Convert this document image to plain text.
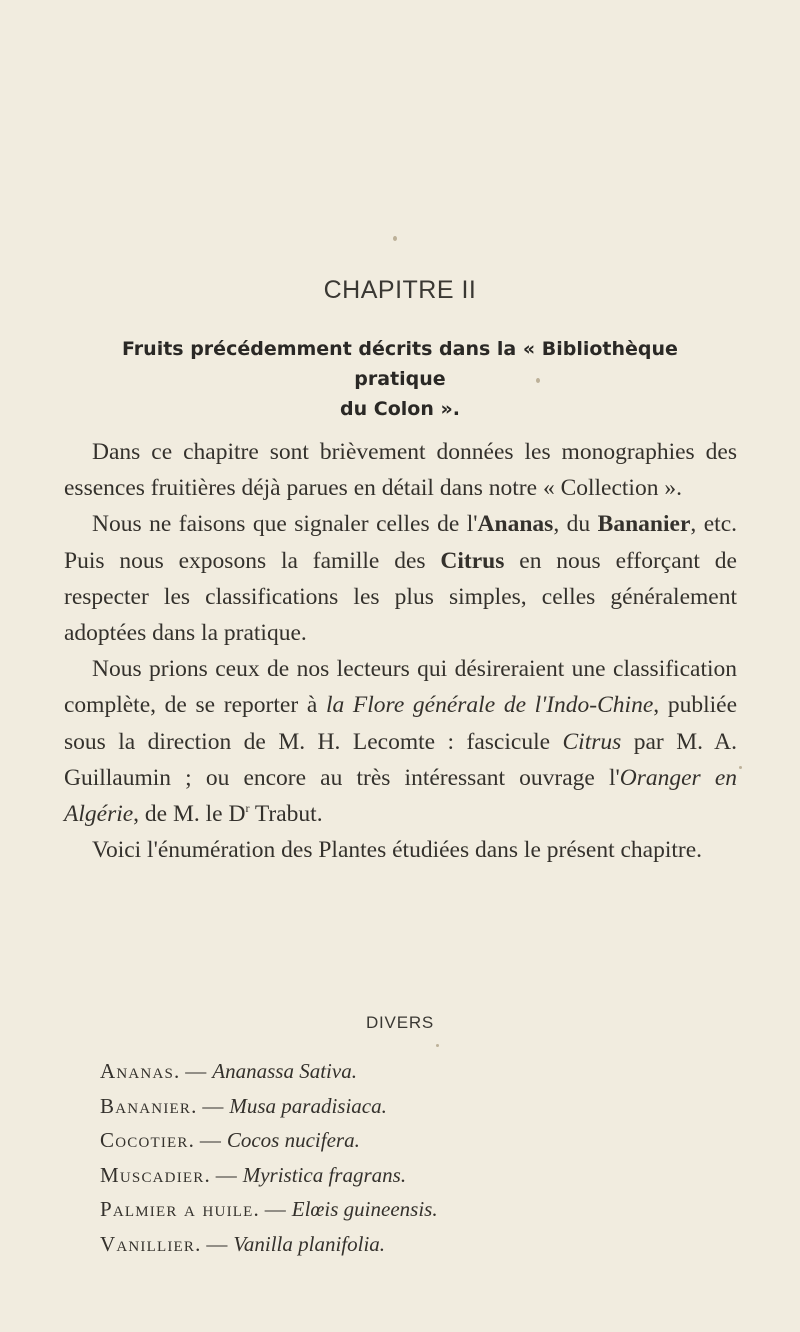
CHAPITRE II
Fruits précédemment décrits dans la « Bibliothèque pratique
du Colon ».

Dans ce chapitre sont brièvement données les monographies des essences fruitières déjà parues en détail dans notre « Collection ».

Nous ne faisons que signaler celles de l'Ananas, du Bananier, etc. Puis nous exposons la famille des Citrus en nous efforçant de respecter les classifications les plus simples, celles généralement adoptées dans la pratique.

Nous prions ceux de nos lecteurs qui désireraient une classification complète, de se reporter à la Flore générale de l'Indo-Chine, publiée sous la direction de M. H. Lecomte : fascicule Citrus par M. A. Guillaumin ; ou encore au très intéressant ouvrage l'Oranger en Algérie, de M. le $D^r$ Trabut.

Voici l'énumération des Plantes étudiées dans le présent chapitre.

DIVERS
Ananas. — Ananassa Sativa.
Bananier. — Musa paradisiaca.
Cocotier. — Cocos nucifera.
Muscadier. — Myristica fragrans.
Palmier a huile. — Elœis guineensis.
Vanillier. — Vanilla planifolia.
